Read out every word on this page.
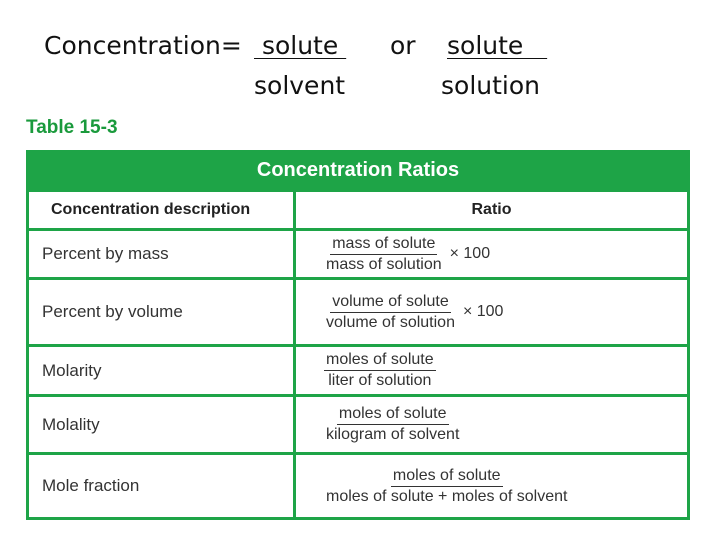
Concentration= solute
solvent
or solute
solution
Table 15-3
Concentration Ratios
Concentration description	Ratio
Percent by mass	$\frac{\text{mass of solute}}{\text{mass of solution}} \times 100$
Percent by volume	$\frac{\text{volume of solute}}{\text{volume of solution}} \times 100$
Molarity	$\frac{\text{moles of solute}}{\text{liter of solution}}$
Molality	$\frac{\text{moles of solute}}{\text{kilogram of solvent}}$
Mole fraction	$\frac{\text{moles of solute}}{\text{moles of solute + moles of solvent}}$
